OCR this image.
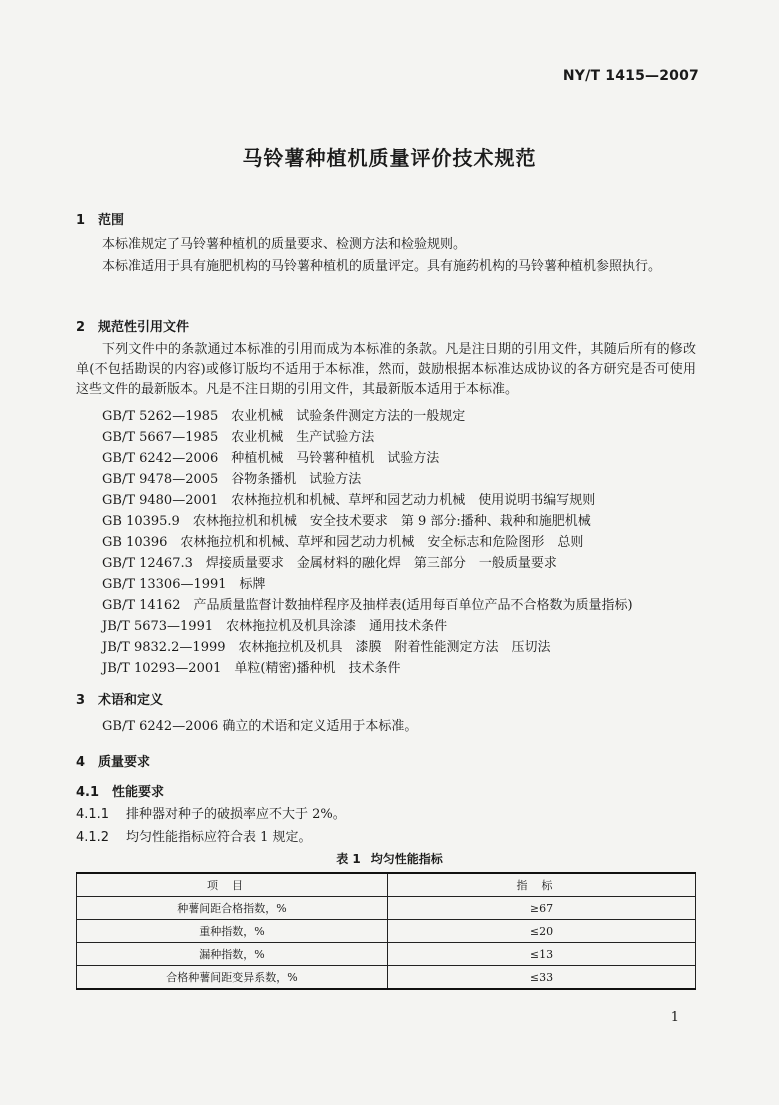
NY/T 1415—2007
马铃薯种植机质量评价技术规范
1 范围
本标准规定了马铃薯种植机的质量要求、检测方法和检验规则。
本标准适用于具有施肥机构的马铃薯种植机的质量评定。具有施药机构的马铃薯种植机参照执行。
2 规范性引用文件
下列文件中的条款通过本标准的引用而成为本标准的条款。凡是注日期的引用文件，其随后所有的修改单(不包括勘误的内容)或修订版均不适用于本标准，然而，鼓励根据本标准达成协议的各方研究是否可使用这些文件的最新版本。凡是不注日期的引用文件，其最新版本适用于本标准。
GB/T 5262—1985　农业机械　试验条件测定方法的一般规定
GB/T 5667—1985　农业机械　生产试验方法
GB/T 6242—2006　种植机械　马铃薯种植机　试验方法
GB/T 9478—2005　谷物条播机　试验方法
GB/T 9480—2001　农林拖拉机和机械、草坪和园艺动力机械　使用说明书编写规则
GB 10395.9　农林拖拉机和机械　安全技术要求　第 9 部分:播种、栽种和施肥机械
GB 10396　农林拖拉机和机械、草坪和园艺动力机械　安全标志和危险图形　总则
GB/T 12467.3　焊接质量要求　金属材料的融化焊　第三部分　一般质量要求
GB/T 13306—1991　标牌
GB/T 14162　产品质量监督计数抽样程序及抽样表(适用每百单位产品不合格数为质量指标)
JB/T 5673—1991　农林拖拉机及机具涂漆　通用技术条件
JB/T 9832.2—1999　农林拖拉机及机具　漆膜　附着性能测定方法　压切法
JB/T 10293—2001　单粒(精密)播种机　技术条件
3 术语和定义
GB/T 6242—2006 确立的术语和定义适用于本标准。
4 质量要求
4.1 性能要求
4.1.1 排种器对种子的破损率应不大于 2%。
4.1.2 均匀性能指标应符合表 1 规定。
表 1 均匀性能指标
项目	指标
种薯间距合格指数，%	≥67
重种指数，%	≤20
漏种指数，%	≤13
合格种薯间距变异系数，%	≤33
1
